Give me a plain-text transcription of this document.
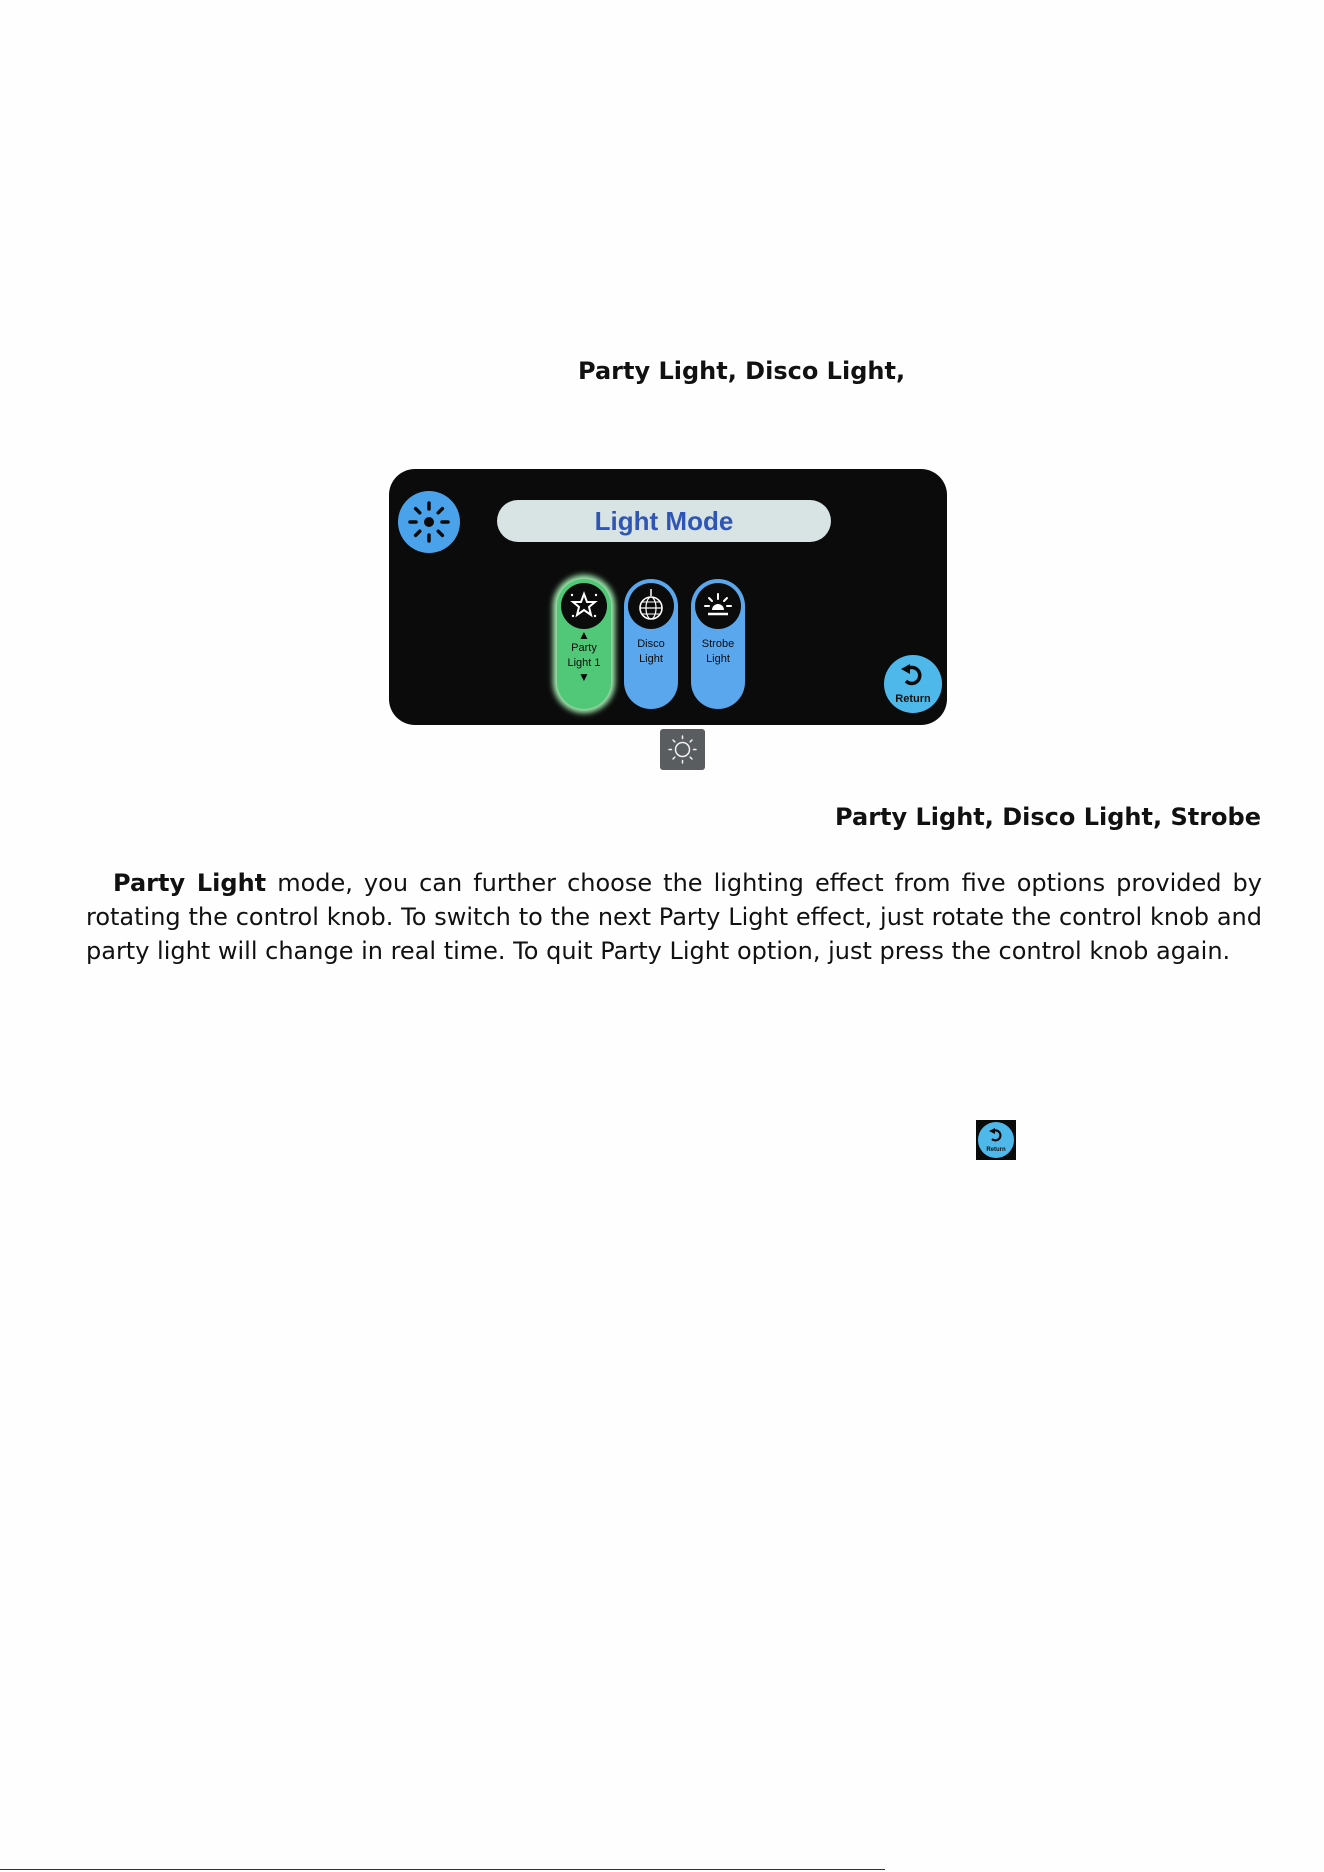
Party Light, Disco Light,
Light Mode
▲
Party
Light 1
▼
Disco
Light
Strobe
Light
Return
Party Light, Disco Light, Strobe
Party Light mode, you can further choose the lighting effect from five options provided by rotating the control knob. To switch to the next Party Light effect, just rotate the control knob and party light will change in real time. To quit Party Light option, just press the control knob again.
Return
